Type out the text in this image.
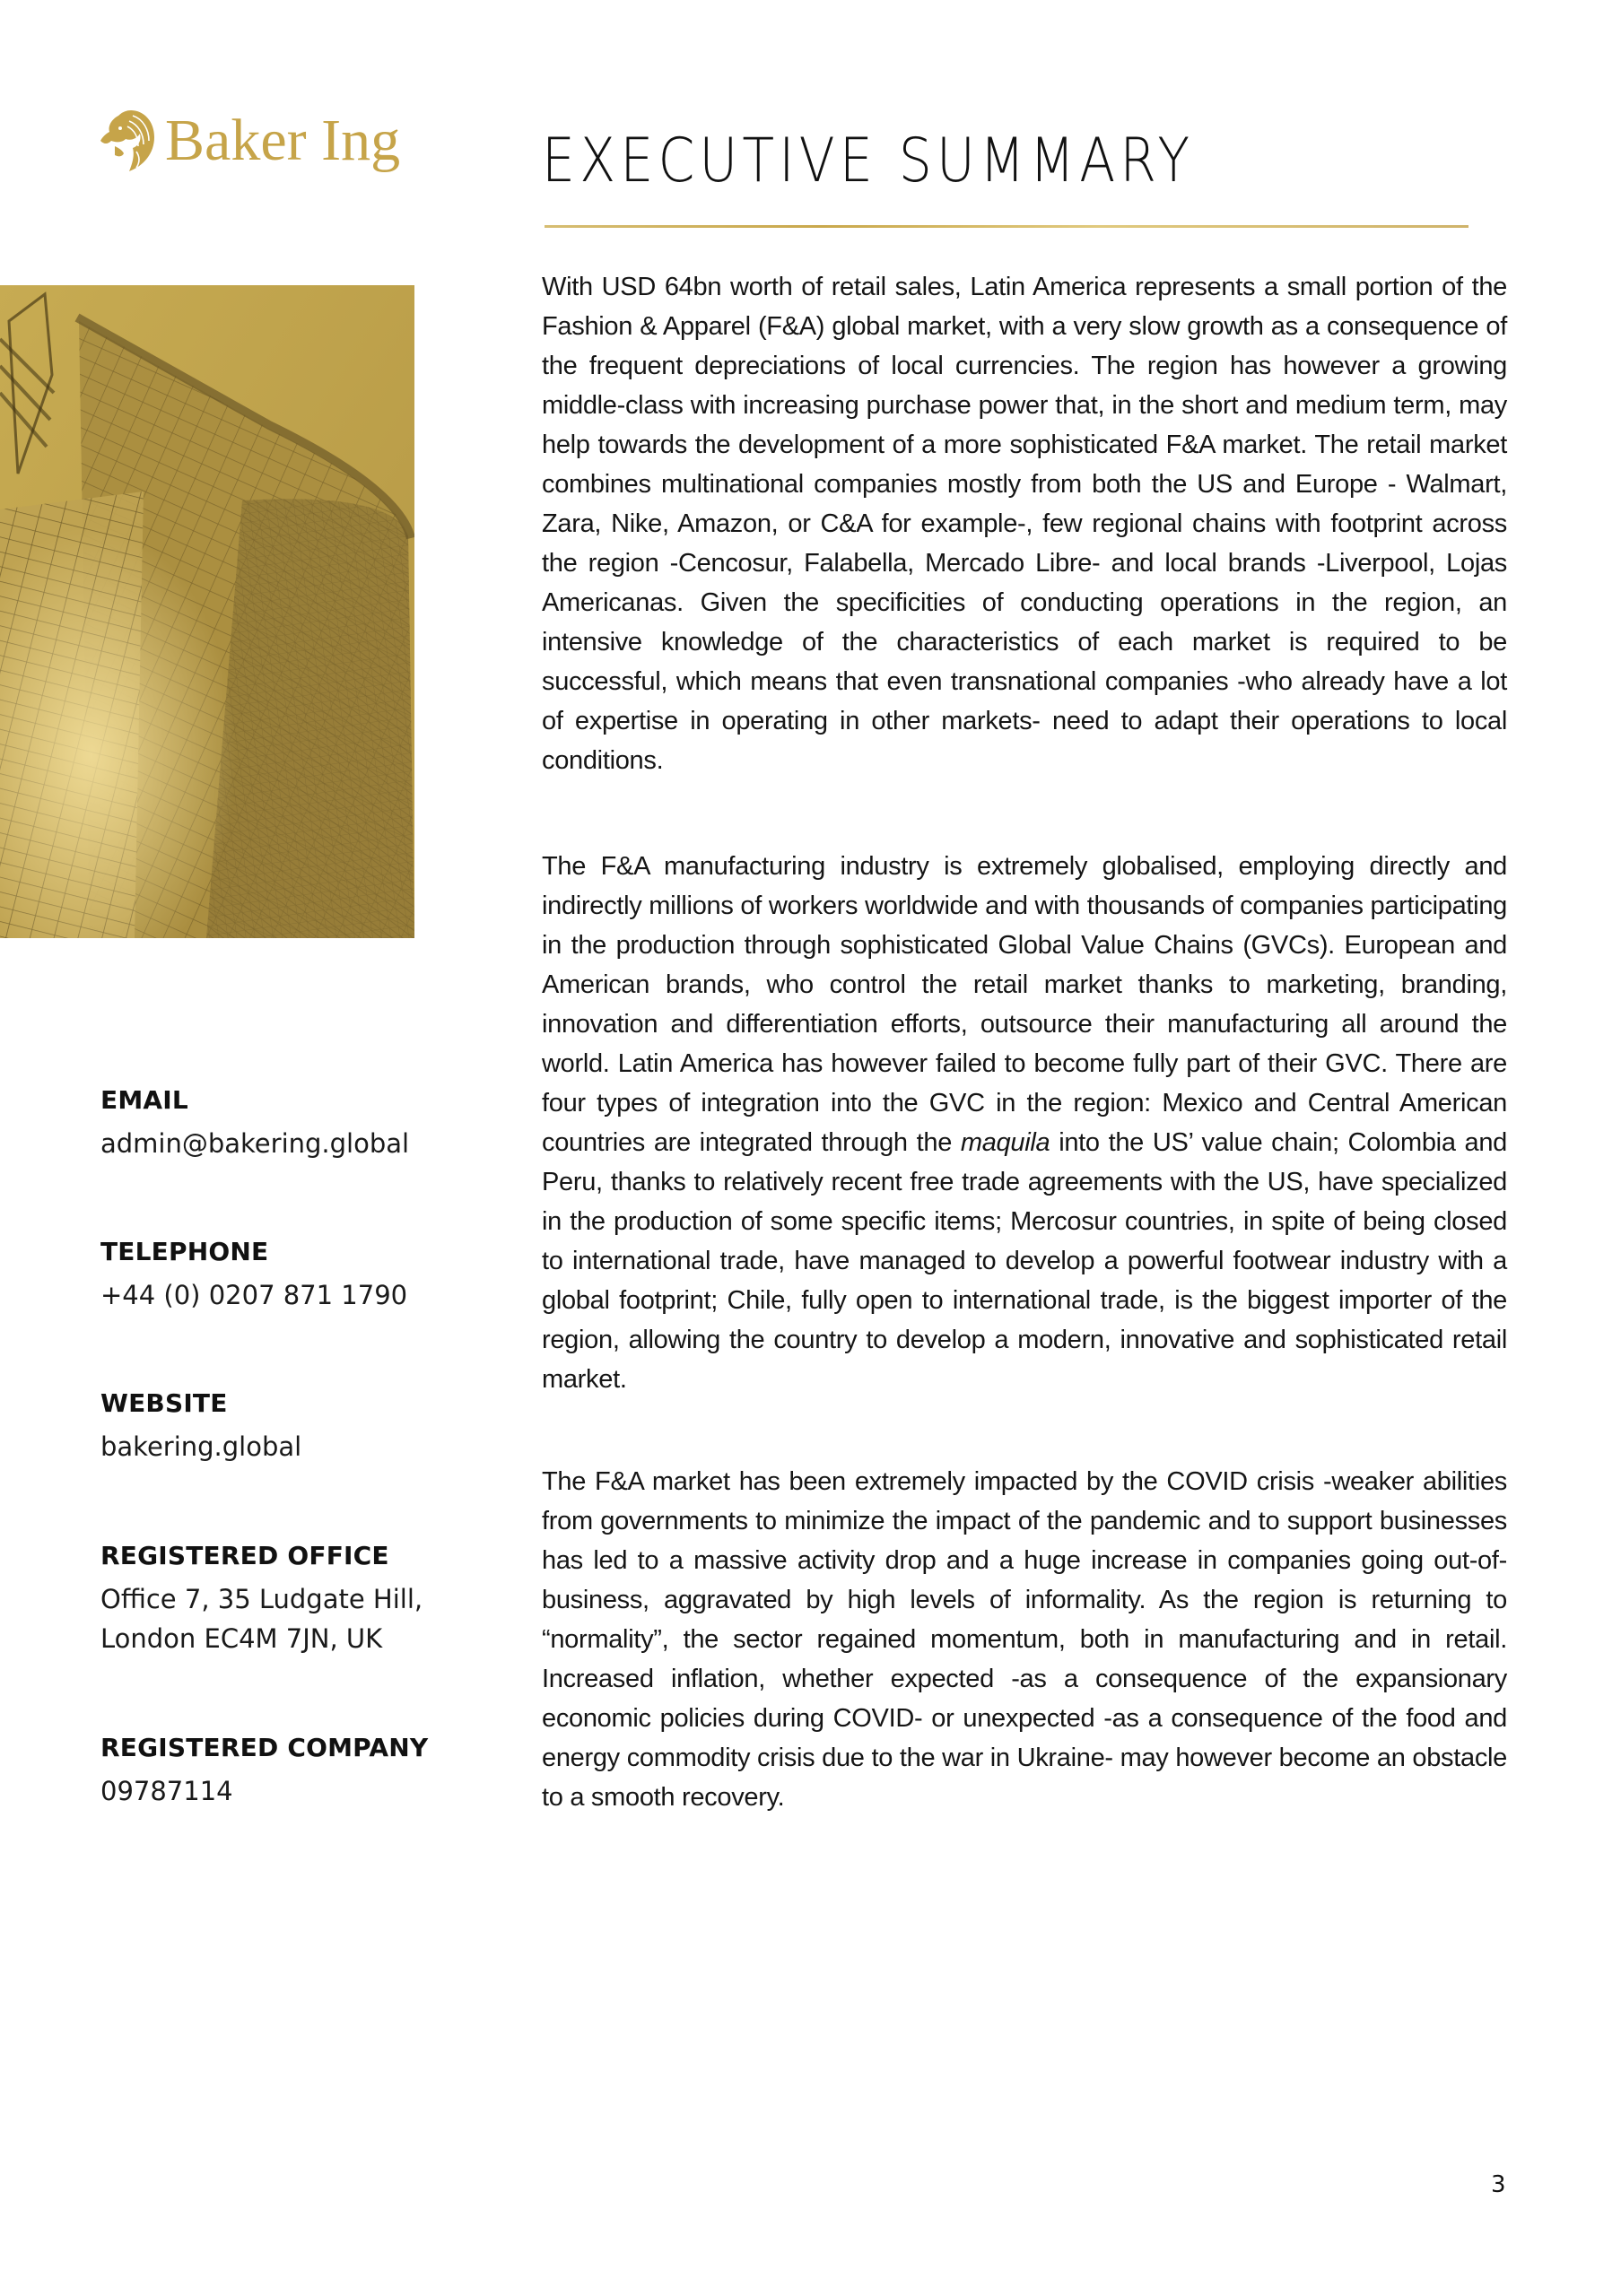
Baker Ing EXECUTIVE SUMMARY

With USD 64bn worth of retail sales, Latin America represents a small portion of the Fashion & Apparel (F&A) global market, with a very slow growth as a consequence of the frequent depreciations of local currencies. The region has however a growing middle-class with increasing purchase power that, in the short and medium term, may help towards the development of a more sophisticated F&A market. The retail market combines multinational companies mostly from both the US and Europe - Walmart, Zara, Nike, Amazon, or C&A for example-, few regional chains with footprint across the region -Cencosur, Falabella, Mercado Libre- and local brands -Liverpool, Lojas Americanas. Given the specificities of conducting operations in the region, an intensive knowledge of the characteristics of each market is required to be successful, which means that even transnational companies -who already have a lot of expertise in operating in other markets- need to adapt their operations to local conditions.

The F&A manufacturing industry is extremely globalised, employing directly and indirectly millions of workers worldwide and with thousands of companies participating in the production through sophisticated Global Value Chains (GVCs). European and American brands, who control the retail market thanks to marketing, branding, innovation and differentiation efforts, outsource their manufacturing all around the world. Latin America has however failed to become fully part of their GVC. There are four types of integration into the GVC in the region: Mexico and Central American countries are integrated through the maquila into the US’ value chain; Colombia and Peru, thanks to relatively recent free trade agreements with the US, have specialized in the production of some specific items; Mercosur countries, in spite of being closed to international trade, have managed to develop a powerful footwear industry with a global footprint; Chile, fully open to international trade, is the biggest importer of the region, allowing the country to develop a modern, innovative and sophisticated retail market.

The F&A market has been extremely impacted by the COVID crisis -weaker abilities from governments to minimize the impact of the pandemic and to support businesses has led to a massive activity drop and a huge increase in companies going out-of-business, aggravated by high levels of informality. As the region is returning to “normality”, the sector regained momentum, both in manufacturing and in retail. Increased inflation, whether expected -as a consequence of the expansionary economic policies during COVID- or unexpected -as a consequence of the food and energy commodity crisis due to the war in Ukraine- may however become an obstacle to a smooth recovery.

EMAIL

admin@bakering.global

TELEPHONE

+44 (0) 0207 871 1790

WEBSITE

bakering.global

REGISTERED OFFICE

Office 7, 35 Ludgate Hill,

London EC4M 7JN, UK

REGISTERED COMPANY

09787114

3
